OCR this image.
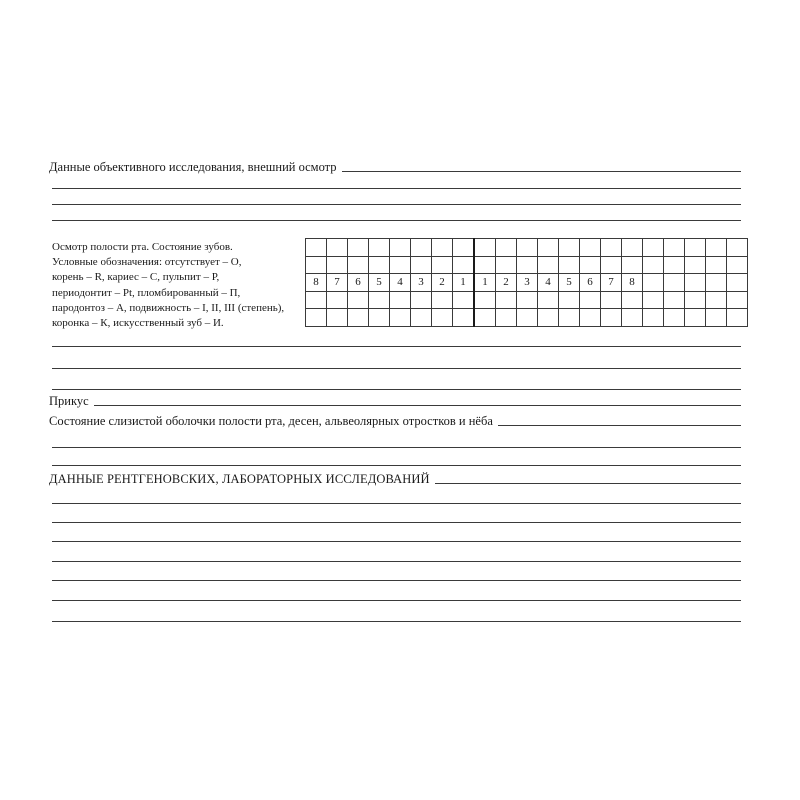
Данные объективного исследования, внешний осмотр

Осмотр полости рта. Состояние зубов.
Условные обозначения: отсутствует – О,
корень – R, кариес – С, пульпит – Р,
периодонтит – Pt, пломбированный – П,
пародонтоз – А, подвижность – I, II, III (степень),
коронка – К, искусственный зуб – И.

8	7	6	5	4	3	2	1	1	2	3	4	5	6	7	8					

Прикус
Состояние слизистой оболочки полости рта, десен, альвеолярных отростков и нёба
ДАННЫЕ РЕНТГЕНОВСКИХ, ЛАБОРАТОРНЫХ ИССЛЕДОВАНИЙ
